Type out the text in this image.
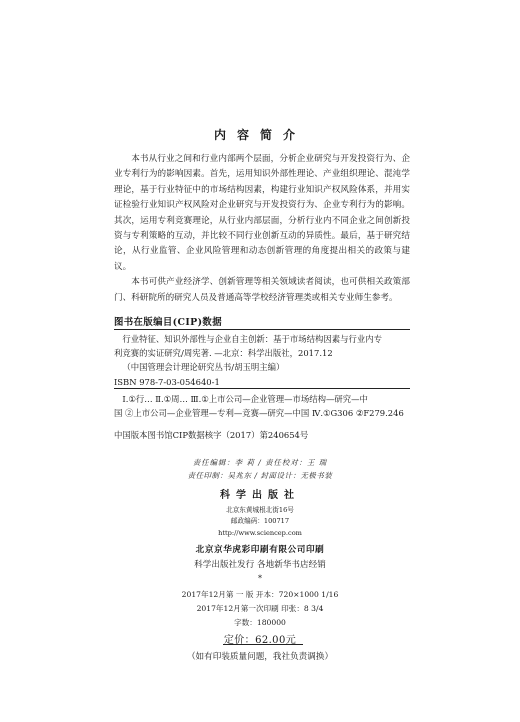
内容简介

本书从行业之间和行业内部两个层面，分析企业研究与开发投资行为、企业专利行为的影响因素。首先，运用知识外部性理论、产业组织理论、混沌学理论，基于行业特征中的市场结构因素，构建行业知识产权风险体系，并用实证检验行业知识产权风险对企业研究与开发投资行为、企业专利行为的影响。其次，运用专利竞赛理论，从行业内部层面，分析行业内不同企业之间创新投资与专利策略的互动，并比较不同行业创新互动的异质性。最后，基于研究结论，从行业监管、企业风险管理和动态创新管理的角度提出相关的政策与建议。

本书可供产业经济学、创新管理等相关领域读者阅读，也可供相关政策部门、科研院所的研究人员及普通高等学校经济管理类或相关专业师生参考。

图书在版编目(CIP)数据

行业特征、知识外部性与企业自主创新：基于市场结构因素与行业内专

利竞赛的实证研究/周宪著. —北京：科学出版社，2017.12

（中国管理会计理论研究丛书/胡玉明主编）

ISBN 978-7-03-054640-1

Ⅰ.①行… Ⅱ.①周… Ⅲ.①上市公司—企业管理—市场结构—研究—中

国 ②上市公司—企业管理—专利—竞赛—研究—中国 Ⅳ.①G306 ②F279.246

中国版本图书馆CIP数据核字（2017）第240654号
责任编辑：李 莉 / 责任校对：王 瑞
责任印制：吴兆东 / 封面设计：无极书装
科学出版社
北京东黄城根北街16号
邮政编码：100717
http://www.sciencep.com
北京京华虎彩印刷有限公司印刷
科学出版社发行 各地新华书店经销
*
2017年12月第 一 版 开本：720×1000 1/16
2017年12月第一次印刷 印张：8 3/4
字数：180000
定价：62.00元
（如有印装质量问题，我社负责调换）
